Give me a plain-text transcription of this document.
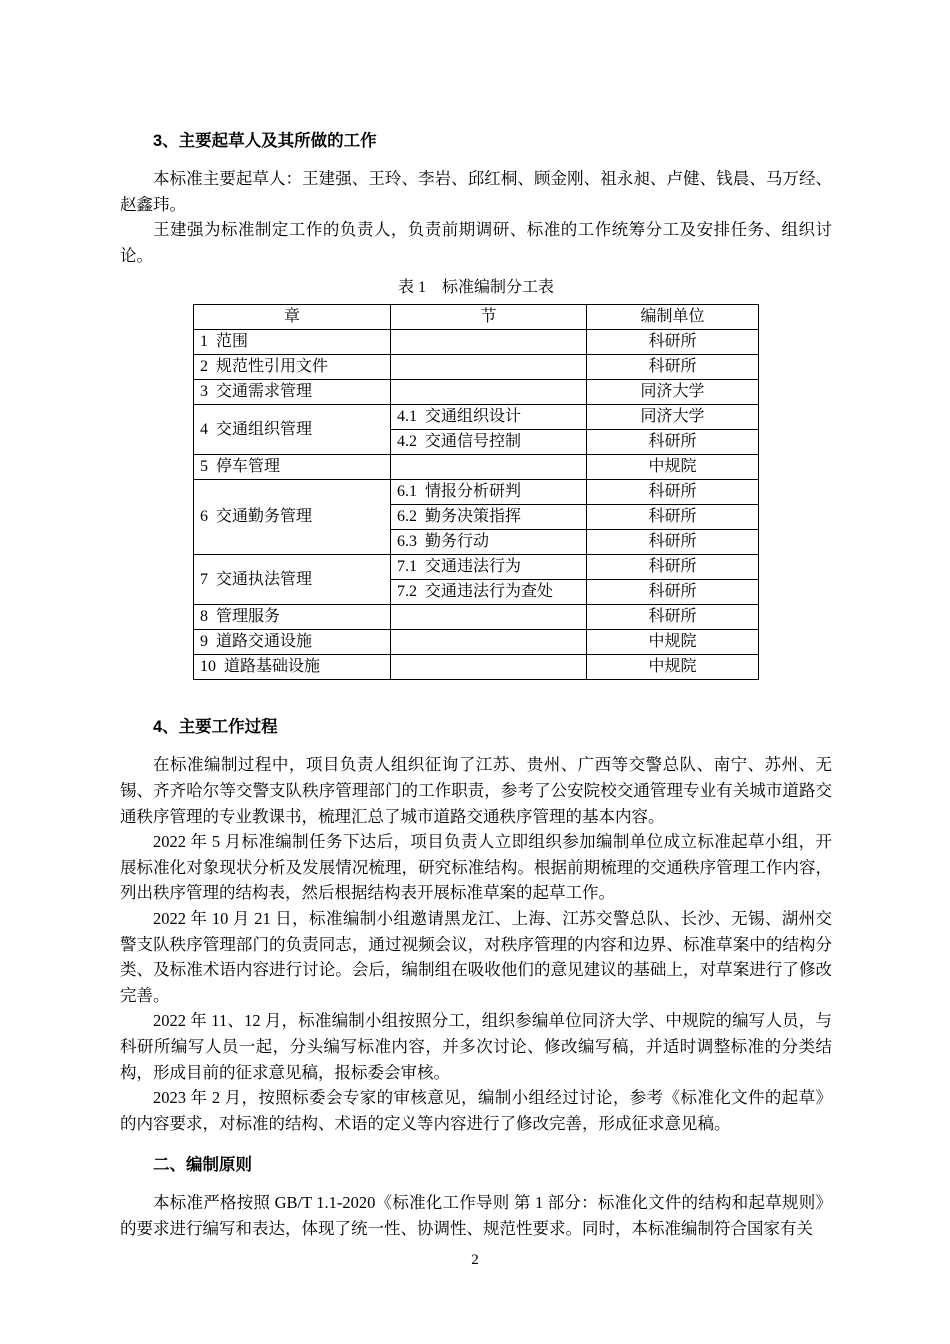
3、主要起草人及其所做的工作

本标准主要起草人：王建强、王玲、李岩、邱红桐、顾金刚、祖永昶、卢健、钱晨、马万经、赵鑫玮。

王建强为标准制定工作的负责人，负责前期调研、标准的工作统筹分工及安排任务、组织讨论。

表 1    标准编制分工表
章	节	编制单位
1  范围		科研所
2  规范性引用文件		科研所
3  交通需求管理		同济大学
4  交通组织管理	4.1  交通组织设计	同济大学
	4.2  交通信号控制	科研所
5  停车管理		中规院
6  交通勤务管理	6.1  情报分析研判	科研所
	6.2  勤务决策指挥	科研所
	6.3  勤务行动	科研所
7  交通执法管理	7.1  交通违法行为	科研所
	7.2  交通违法行为查处	科研所
8  管理服务		科研所
9  道路交通设施		中规院
10  道路基础设施		中规院
4、主要工作过程

在标准编制过程中，项目负责人组织征询了江苏、贵州、广西等交警总队、南宁、苏州、无锡、齐齐哈尔等交警支队秩序管理部门的工作职责，参考了公安院校交通管理专业有关城市道路交通秩序管理的专业教课书，梳理汇总了城市道路交通秩序管理的基本内容。

2022 年 5 月标准编制任务下达后，项目负责人立即组织参加编制单位成立标准起草小组，开展标准化对象现状分析及发展情况梳理，研究标准结构。根据前期梳理的交通秩序管理工作内容，列出秩序管理的结构表，然后根据结构表开展标准草案的起草工作。

2022 年 10 月 21 日，标准编制小组邀请黑龙江、上海、江苏交警总队、长沙、无锡、湖州交警支队秩序管理部门的负责同志，通过视频会议，对秩序管理的内容和边界、标准草案中的结构分类、及标准术语内容进行讨论。会后，编制组在吸收他们的意见建议的基础上，对草案进行了修改完善。

2022 年 11、12 月，标准编制小组按照分工，组织参编单位同济大学、中规院的编写人员，与科研所编写人员一起，分头编写标准内容，并多次讨论、修改编写稿，并适时调整标准的分类结构，形成目前的征求意见稿，报标委会审核。

2023 年 2 月，按照标委会专家的审核意见，编制小组经过讨论，参考《标准化文件的起草》的内容要求，对标准的结构、术语的定义等内容进行了修改完善，形成征求意见稿。

二、编制原则

本标准严格按照 GB/T 1.1-2020《标准化工作导则 第 1 部分：标准化文件的结构和起草规则》的要求进行编写和表达，体现了统一性、协调性、规范性要求。同时，本标准编制符合国家有关

2
